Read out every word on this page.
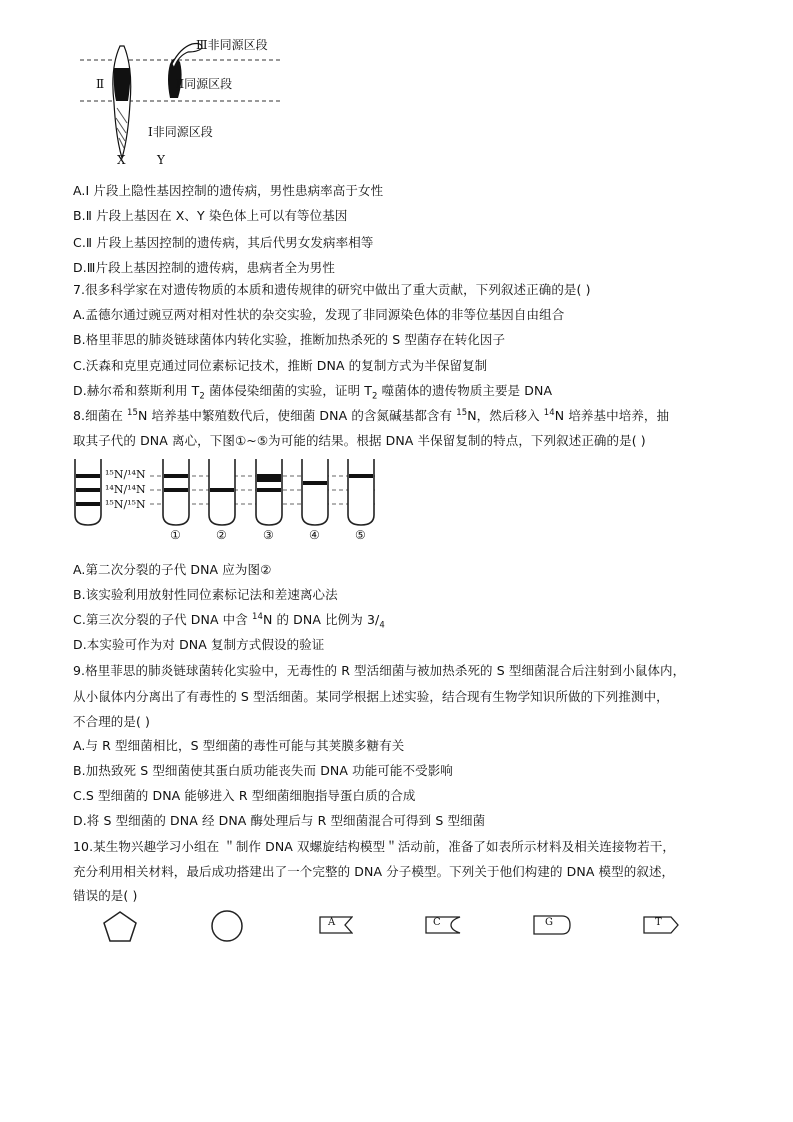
Ⅱ
Ⅲ非同源区段
Ⅱ同源区段
Ⅰ非同源区段
X	Y
A.Ⅰ 片段上隐性基因控制的遗传病，男性患病率高于女性
B.Ⅱ 片段上基因在 X、Y 染色体上可以有等位基因
C.Ⅱ 片段上基因控制的遗传病，其后代男女发病率相等
D.Ⅲ片段上基因控制的遗传病，患病者全为男性
7.很多科学家在对遗传物质的本质和遗传规律的研究中做出了重大贡献，下列叙述正确的是( )
A.孟德尔通过豌豆两对相对性状的杂交实验，发现了非同源染色体的非等位基因自由组合
B.格里菲思的肺炎链球菌体内转化实验，推断加热杀死的 S 型菌存在转化因子
C.沃森和克里克通过同位素标记技术，推断 DNA 的复制方式为半保留复制
D.赫尔希和蔡斯利用 $T_2$ 菌体侵染细菌的实验，证明 $T_2$ 噬菌体的遗传物质主要是 DNA
8.细菌在 $^{15}$N 培养基中繁殖数代后，使细菌 DNA 的含氮碱基都含有 $^{15}$N，然后移入 $^{14}$N 培养基中培养，抽
取其子代的 DNA 离心，下图①~⑤为可能的结果。根据 DNA 半保留复制的特点，下列叙述正确的是( )
¹⁵N/¹⁴N
¹⁴N/¹⁴N
¹⁵N/¹⁵N
①	②	③	④	⑤
A.第二次分裂的子代 DNA 应为图②
B.该实验利用放射性同位素标记法和差速离心法
C.第三次分裂的子代 DNA 中含 $^{14}$N 的 DNA 比例为 $3/_4$
D.本实验可作为对 DNA 复制方式假设的验证
9.格里菲思的肺炎链球菌转化实验中，无毒性的 R 型活细菌与被加热杀死的 S 型细菌混合后注射到小鼠体内，
从小鼠体内分离出了有毒性的 S 型活细菌。某同学根据上述实验，结合现有生物学知识所做的下列推测中，
不合理的是( )
A.与 R 型细菌相比，S 型细菌的毒性可能与其荚膜多糖有关
B.加热致死 S 型细菌使其蛋白质功能丧失而 DNA 功能可能不受影响
C.S 型细菌的 DNA 能够进入 R 型细菌细胞指导蛋白质的合成
D.将 S 型细菌的 DNA 经 DNA 酶处理后与 R 型细菌混合可得到 S 型细菌
10.某生物兴趣学习小组在 ＂制作 DNA 双螺旋结构模型＂活动前，准备了如表所示材料及相关连接物若干，
充分利用相关材料，最后成功搭建出了一个完整的 DNA 分子模型。下列关于他们构建的 DNA 模型的叙述，
错误的是( )
A	C	G	T
